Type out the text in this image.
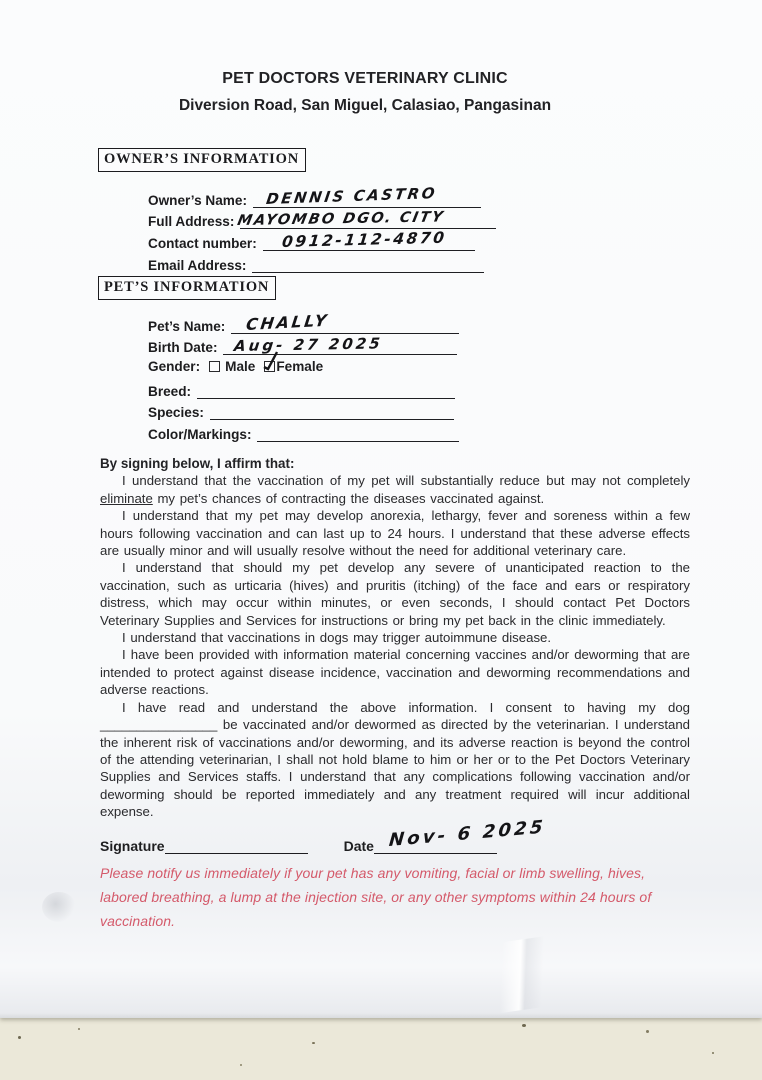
PET DOCTORS VETERINARY CLINIC
Diversion Road, San Miguel, Calasiao, Pangasinan
OWNER’S INFORMATION
Owner’s Name: DENNIS CASTRO
Full Address: MAYOMBO DGO. CITY
Contact number: 0912-112-4870
Email Address:
PET’S INFORMATION
Pet’s Name: CHALLY
Birth Date: Aug- 27 2025
Gender: Male Female
Breed:
Species:
Color/Markings:

By signing below, I affirm that:

I understand that the vaccination of my pet will substantially reduce but may not completely eliminate my pet’s chances of contracting the diseases vaccinated against.

I understand that my pet may develop anorexia, lethargy, fever and soreness within a few hours following vaccination and can last up to 24 hours. I understand that these adverse effects are usually minor and will usually resolve without the need for additional veterinary care.

I understand that should my pet develop any severe of unanticipated reaction to the vaccination, such as urticaria (hives) and pruritis (itching) of the face and ears or respiratory distress, which may occur within minutes, or even seconds, I should contact Pet Doctors Veterinary Supplies and Services for instructions or bring my pet back in the clinic immediately.

I understand that vaccinations in dogs may trigger autoimmune disease.

I have been provided with information material concerning vaccines and/or deworming that are intended to protect against disease incidence, vaccination and deworming recommendations and adverse reactions.

I have read and understand the above information. I consent to having my dog ________________ be vaccinated and/or dewormed as directed by the veterinarian. I understand the inherent risk of vaccinations and/or deworming, and its adverse reaction is beyond the control of the attending veterinarian, I shall not hold blame to him or her or to the Pet Doctors Veterinary Supplies and Services staffs. I understand that any complications following vaccination and/or deworming should be reported immediately and any treatment required will incur additional expense.

Signature	Date Nov- 6 2025

Please notify us immediately if your pet has any vomiting, facial or limb swelling, hives, labored breathing, a lump at the injection site, or any other symptoms within 24 hours of vaccination.
